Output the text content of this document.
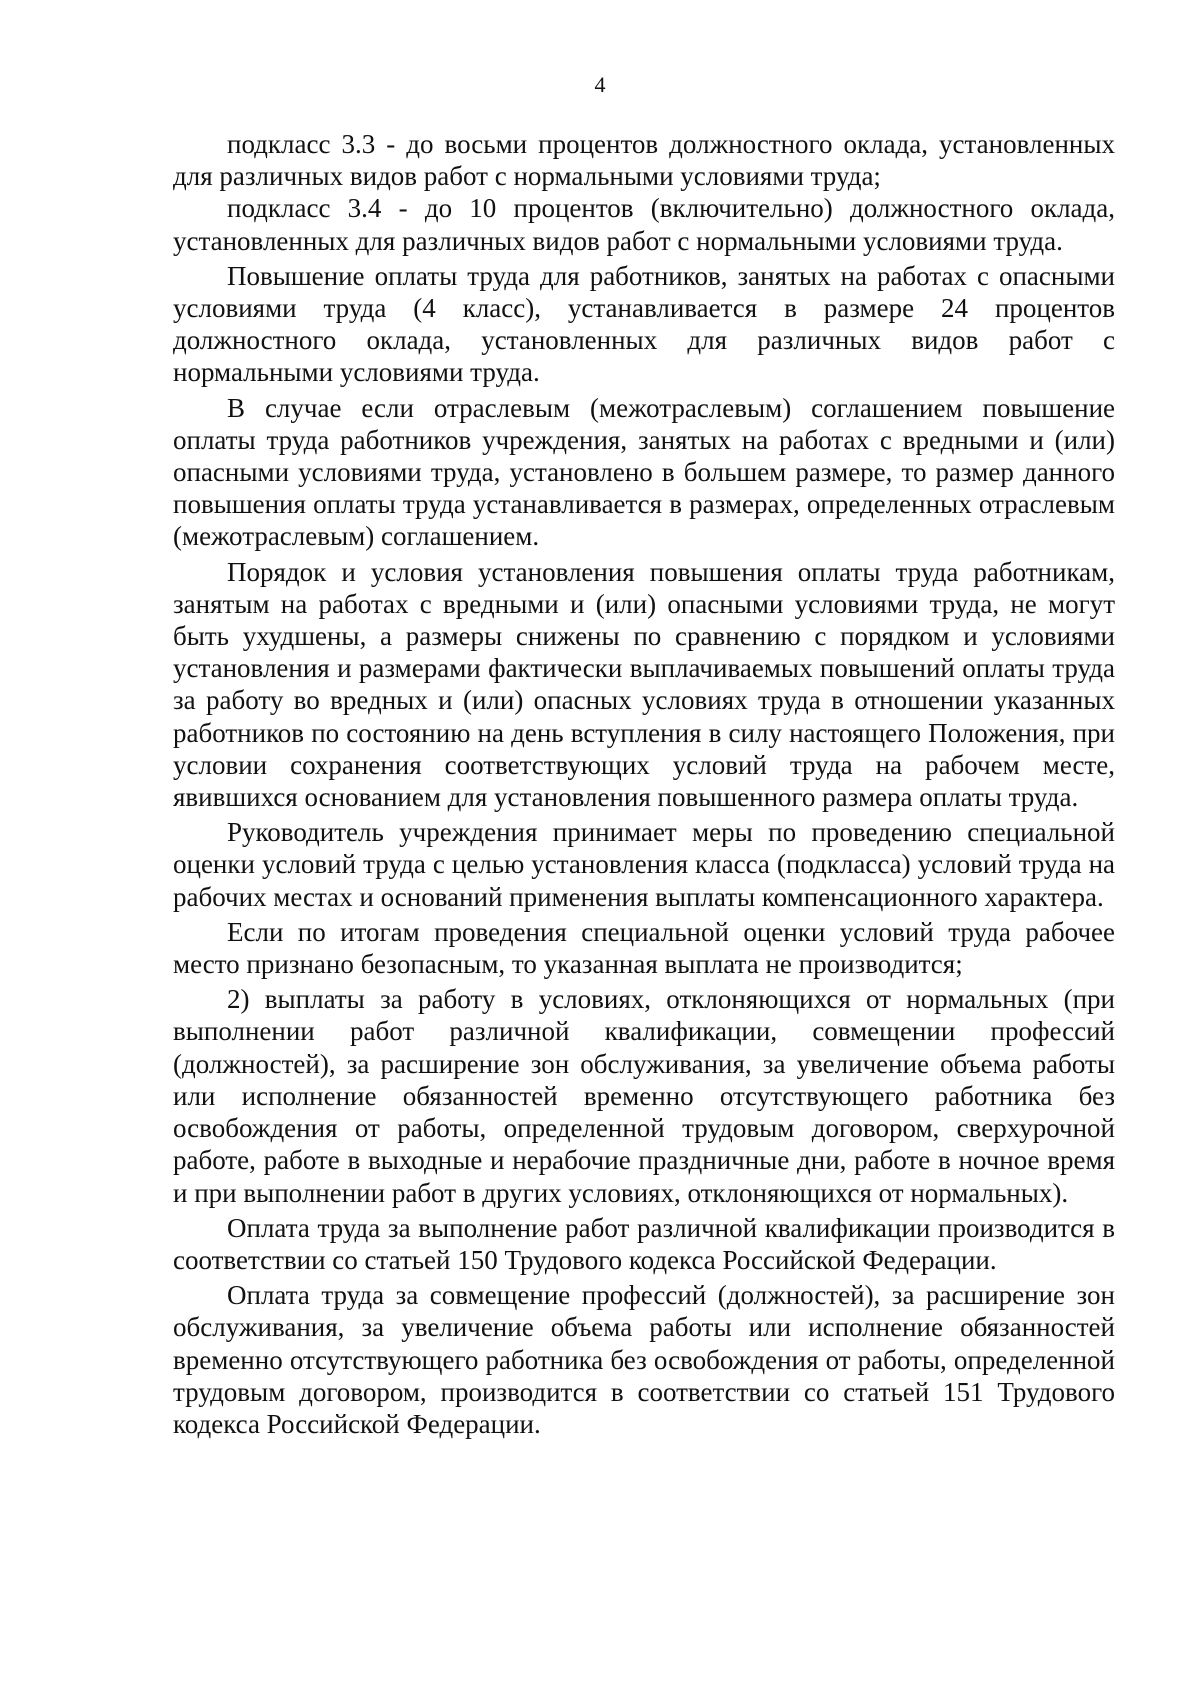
4

подкласс 3.3 - до восьми процентов должностного оклада, установленных для различных видов работ с нормальными условиями труда;

подкласс 3.4 - до 10 процентов (включительно) должностного оклада, установленных для различных видов работ с нормальными условиями труда.

Повышение оплаты труда для работников, занятых на работах с опасными условиями труда (4 класс), устанавливается в размере 24 процентов должностного оклада, установленных для различных видов работ с нормальными условиями труда.

В случае если отраслевым (межотраслевым) соглашением повышение оплаты труда работников учреждения, занятых на работах с вредными и (или) опасными условиями труда, установлено в большем размере, то размер данного повышения оплаты труда устанавливается в размерах, определенных отраслевым (межотраслевым) соглашением.

Порядок и условия установления повышения оплаты труда работникам, занятым на работах с вредными и (или) опасными условиями труда, не могут быть ухудшены, а размеры снижены по сравнению с порядком и условиями установления и размерами фактически выплачиваемых повышений оплаты труда за работу во вредных и (или) опасных условиях труда в отношении указанных работников по состоянию на день вступления в силу настоящего Положения, при условии сохранения соответствующих условий труда на рабочем месте, явившихся основанием для установления повышенного размера оплаты труда.

Руководитель учреждения принимает меры по проведению специальной оценки условий труда с целью установления класса (подкласса) условий труда на рабочих местах и оснований применения выплаты компенсационного характера.

Если по итогам проведения специальной оценки условий труда рабочее место признано безопасным, то указанная выплата не производится;

2) выплаты за работу в условиях, отклоняющихся от нормальных (при выполнении работ различной квалификации, совмещении профессий (должностей), за расширение зон обслуживания, за увеличение объема работы или исполнение обязанностей временно отсутствующего работника без освобождения от работы, определенной трудовым договором, сверхурочной работе, работе в выходные и нерабочие праздничные дни, работе в ночное время и при выполнении работ в других условиях, отклоняющихся от нормальных).

Оплата труда за выполнение работ различной квалификации производится в соответствии со статьей 150 Трудового кодекса Российской Федерации.

Оплата труда за совмещение профессий (должностей), за расширение зон обслуживания, за увеличение объема работы или исполнение обязанностей временно отсутствующего работника без освобождения от работы, определенной трудовым договором, производится в соответствии со статьей 151 Трудового кодекса Российской Федерации.
